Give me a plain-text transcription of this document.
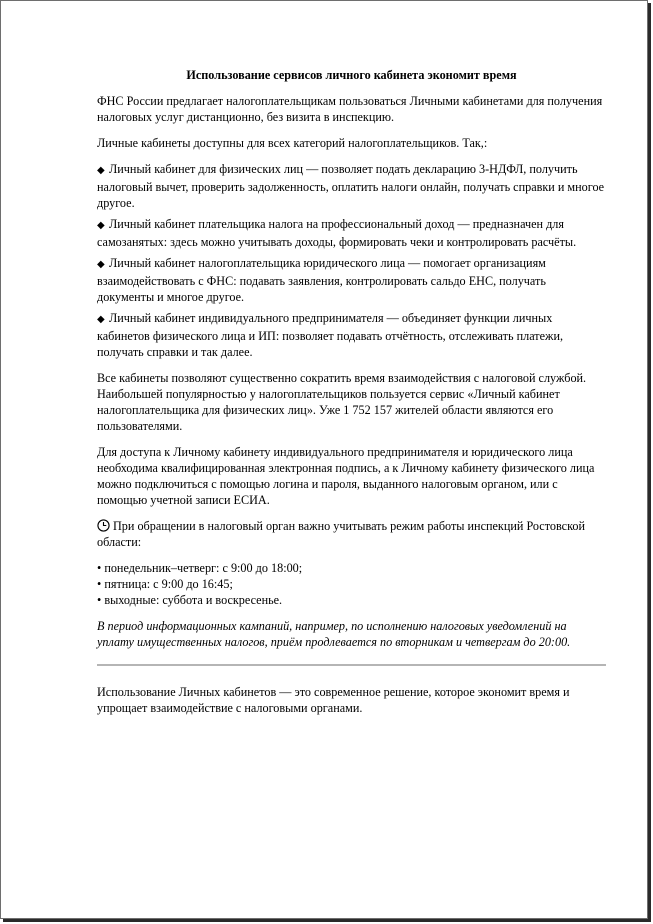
Использование сервисов личного кабинета экономит время

ФНС России предлагает налогоплательщикам пользоваться Личными кабинетами для получения налоговых услуг дистанционно, без визита в инспекцию.

Личные кабинеты доступны для всех категорий налогоплательщиков. Так,:

◆ Личный кабинет для физических лиц — позволяет подать декларацию 3-НДФЛ, получить налоговый вычет, проверить задолженность, оплатить налоги онлайн, получать справки и многое другое.
◆ Личный кабинет плательщика налога на профессиональный доход — предназначен для самозанятых: здесь можно учитывать доходы, формировать чеки и контролировать расчёты.
◆ Личный кабинет налогоплательщика юридического лица — помогает организациям взаимодействовать с ФНС: подавать заявления, контролировать сальдо ЕНС, получать документы и многое другое.
◆ Личный кабинет индивидуального предпринимателя — объединяет функции личных кабинетов физического лица и ИП: позволяет подавать отчётность, отслеживать платежи, получать справки и так далее.

Все кабинеты позволяют существенно сократить время взаимодействия с налоговой службой. Наибольшей популярностью у налогоплательщиков пользуется сервис «Личный кабинет налогоплательщика для физических лиц». Уже 1 752 157 жителей области являются его пользователями.

Для доступа к Личному кабинету индивидуального предпринимателя и юридического лица необходима квалифицированная электронная подпись, а к Личному кабинету физического лица можно подключиться с помощью логина и пароля, выданного налоговым органом, или с помощью учетной записи ЕСИА.

При обращении в налоговый орган важно учитывать режим работы инспекций Ростовской области:

• понедельник–четверг: с 9:00 до 18:00;
• пятница: с 9:00 до 16:45;
• выходные: суббота и воскресенье.

В период информационных кампаний, например, по исполнению налоговых уведомлений на уплату имущественных налогов, приём продлевается по вторникам и четвергам до 20:00.

Использование Личных кабинетов — это современное решение, которое экономит время и упрощает взаимодействие с налоговыми органами.
